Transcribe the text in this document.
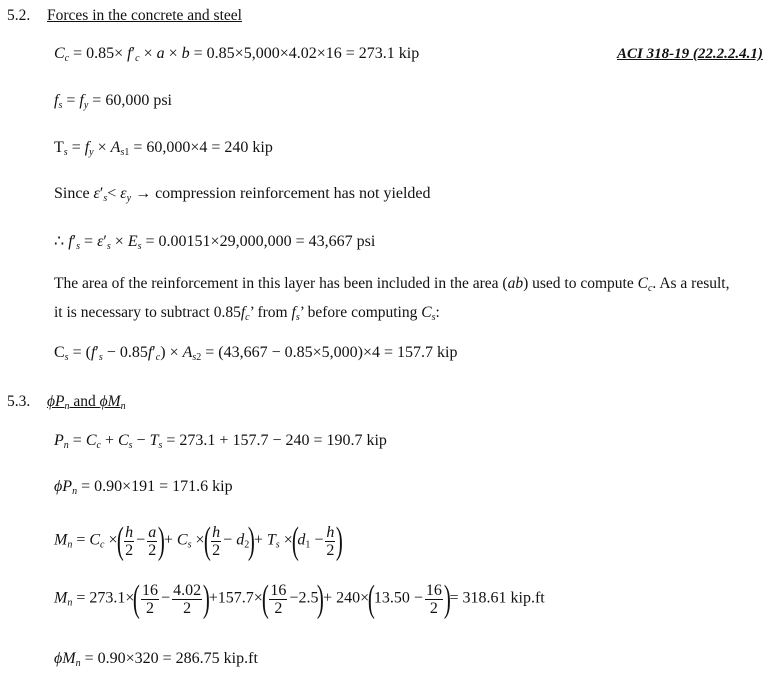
5.2. Forces in the concrete and steel
$C_c = 0.85\times f'_c \times a \times b = 0.85\times 5,000\times 4.02\times 16 = 273.1$ kip	ACI 318-19 (22.2.2.4.1)
$f_s = f_y = 60,000$ psi
$T_s = f_y \times A_{s1} = 60,000\times 4 = 240$ kip
Since $\varepsilon'_s< \varepsilon_y$ → compression reinforcement has not yielded
∴ $f'_s = \varepsilon'_s \times E_s = 0.00151\times 29,000,000 = 43,667$ psi
The area of the reinforcement in this layer has been included in the area (ab) used to compute $C_c$. As a result,
it is necessary to subtract $0.85f_c$’ from $f_s$’ before computing $C_s$:
$C_s = (f'_s - 0.85f'_c) \times A_{s2} = (43,667 - 0.85\times 5,000)\times 4 = 157.7$ kip
5.3. $\phi P_n$ and $\phi M_n$
$P_n = C_c + C_s - T_s = 273.1 + 157.7 - 240 = 190.7$ kip
$\phi P_n = 0.90\times 191 = 171.6$ kip
$M_n = C_c$ ×( $\frac{h}{2} - \frac{a}{2}$ )+ $C_s$ ×( $\frac{h}{2} - d_2)+ T_s \times(d_1 - \frac{h}{2}$ )
$M_n = 273.1\times( \frac{16}{2} - \frac{4.02}{2} )+157.7\times( \frac{16}{2} -2.5)+ 240\times(13.50 - \frac{16}{2}$ )= 318.61 kip.ft
$\phi M_n = 0.90\times 320 = 286.75$ kip.ft
